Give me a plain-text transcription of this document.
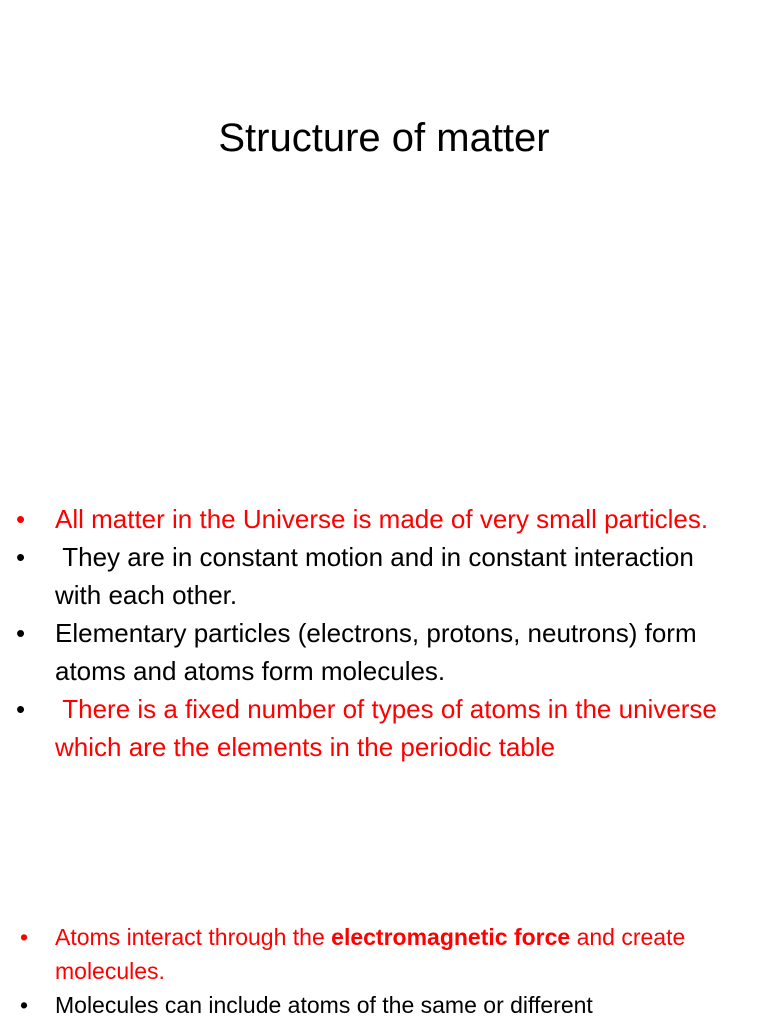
Structure of matter
• All matter in the Universe is made of very small particles.
• They are in constant motion and in constant interaction with each other.
• Elementary particles (electrons, protons, neutrons) form atoms and atoms form molecules.
• There is a fixed number of types of atoms in the universe which are the elements in the periodic table
• Atoms interact through the electromagnetic force and create molecules.
• Molecules can include atoms of the same or different
